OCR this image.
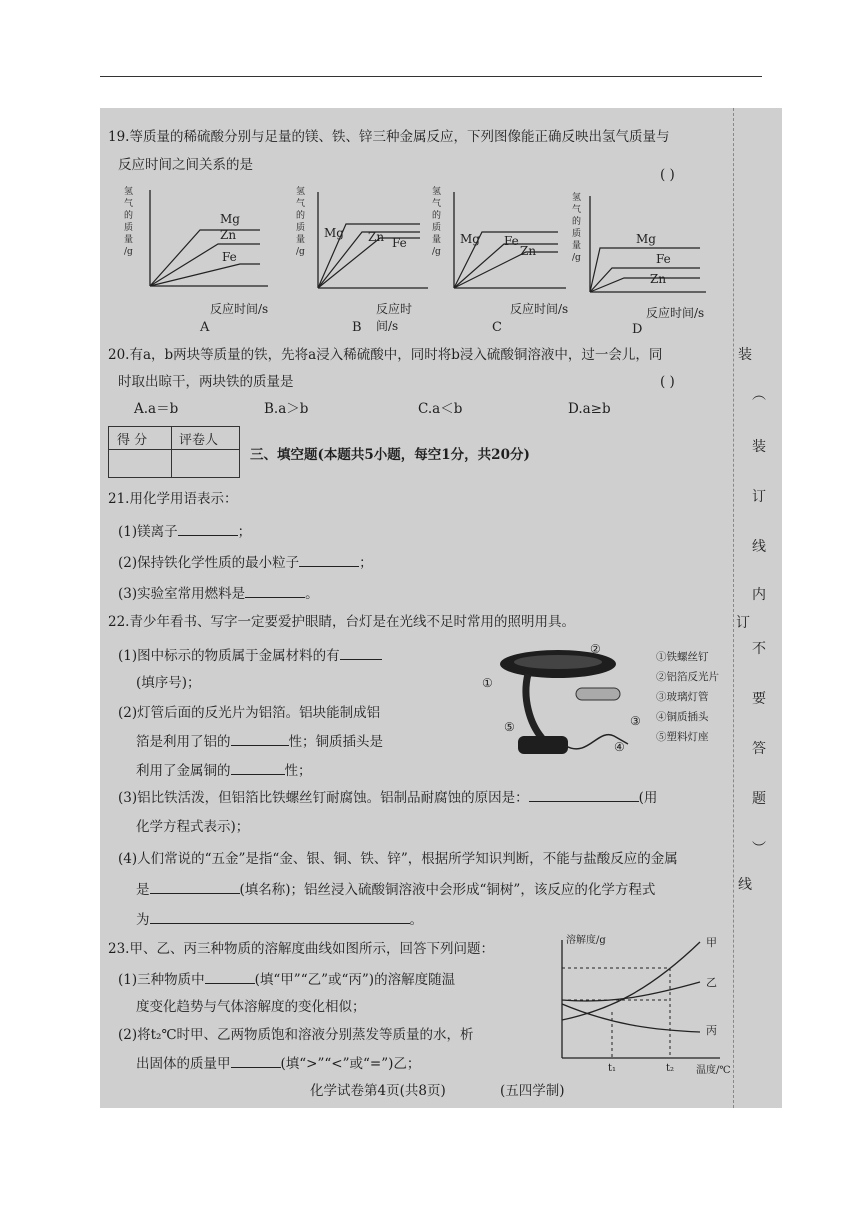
19.等质量的稀硫酸分别与足量的镁、铁、锌三种金属反应，下列图像能正确反映出氢气质量与
反应时间之间关系的是
( )
氢
气
的
质
量
/g
Mg
Zn
Fe
反应时间/s
A
氢
气
的
质
量
/g
Mg Zn Fe
反应时间/s
B
氢
气
的
质
量
/g
Mg Fe
Zn
反应时间/s
C
氢
气
的
质
量
/g
Mg
Fe
Zn
反应时间/s
D
20.有a，b两块等质量的铁，先将a浸入稀硫酸中，同时将b浸入硫酸铜溶液中，过一会儿，同
时取出晾干，两块铁的质量是	( )
A.a＝b	B.a＞b	C.a＜b	D.a≥b
得 分 评卷人
三、填空题(本题共5小题，每空1分，共20分)
21.用化学用语表示：
(1)镁离子	；
(2)保持铁化学性质的最小粒子	；
(3)实验室常用燃料是	。
22.青少年看书、写字一定要爱护眼睛，台灯是在光线不足时常用的照明用具。
(1)图中标示的物质属于金属材料的有
(填序号)；
(2)灯管后面的反光片为铝箔。铝块能制成铝
箔是利用了铝的	性；铜质插头是
利用了金属铜的	性；
①
②
③
④
⑤
①铁螺丝钉
②铝箔反光片
③玻璃灯管
④铜质插头
⑤塑料灯座
(3)铝比铁活泼，但铝箔比铁螺丝钉耐腐蚀。铝制品耐腐蚀的原因是：	(用
化学方程式表示)；
(4)人们常说的“五金”是指“金、银、铜、铁、锌”，根据所学知识判断，不能与盐酸反应的金属
是	(填名称)；铝丝浸入硫酸铜溶液中会形成“铜树”，该反应的化学方程式
为	。
23.甲、乙、丙三种物质的溶解度曲线如图所示，回答下列问题：
(1)三种物质中	(填“甲”“乙”或“丙”)的溶解度随温
度变化趋势与气体溶解度的变化相似；
(2)将t₂℃时甲、乙两物质饱和溶液分别蒸发等质量的水，析
出固体的质量甲	(填“>”“<”或“=”)乙；
溶解度/g	甲
乙
丙
t₁	t₂ 温度/℃
化学试卷第4页(共8页)	(五四学制)
装
︵
装
订
线
内
订
不
要
答
题
︶
线
